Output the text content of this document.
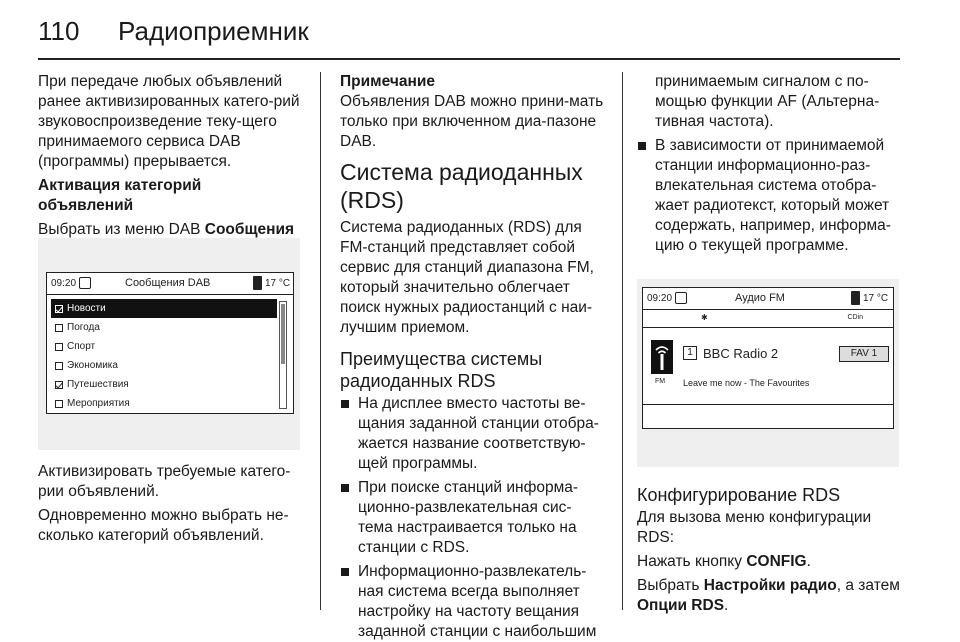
110 Радиоприемник

При передаче любых объявлений ранее активизированных катего-рий звуковоспроизведение теку-щего принимаемого сервиса DAB (программы) прерывается.

Активация категорий объявлений

Выбрать из меню DAB Сообщения

09:20	Сообщения DAB	17 °C
Новости
Погода
Спорт
Экономика
Путешествия
Мероприятия

Активизировать требуемые катего-рии объявлений.

Одновременно можно выбрать не-сколько категорий объявлений.

Примечание

Объявления DAB можно прини-мать только при включенном диа-пазоне DAB.

Система радиоданных (RDS)

Система радиоданных (RDS) для FM-станций представляет собой сервис для станций диапазона FM, который значительно облегчает поиск нужных радиостанций с наи-лучшим приемом.

Преимущества системы радиоданных RDS
На дисплее вместо частоты ве-щания заданной станции отобра-жается название соответствую-щей программы.
При поиске станций информа-ционно-развлекательная сис-тема настраивается только на станции с RDS.
Информационно-развлекатель-ная система всегда выполняет настройку на частоту вещания заданной станции с наибольшим

принимаемым сигналом с по-мощью функции AF (Альтерна-тивная частота).

В зависимости от принимаемой станции информационно-раз-влекательная система отобра-жает радиотекст, который может содержать, например, информа-цию о текущей программе.
09:20	Аудио FM	17 °C
✱	CDin
FM
1 BBC Radio 2	FAV 1
Leave me now - The Favourites
Конфигурирование RDS

Для вызова меню конфигурации RDS:

Нажать кнопку CONFIG.

Выбрать Настройки радио, а затем Опции RDS.
